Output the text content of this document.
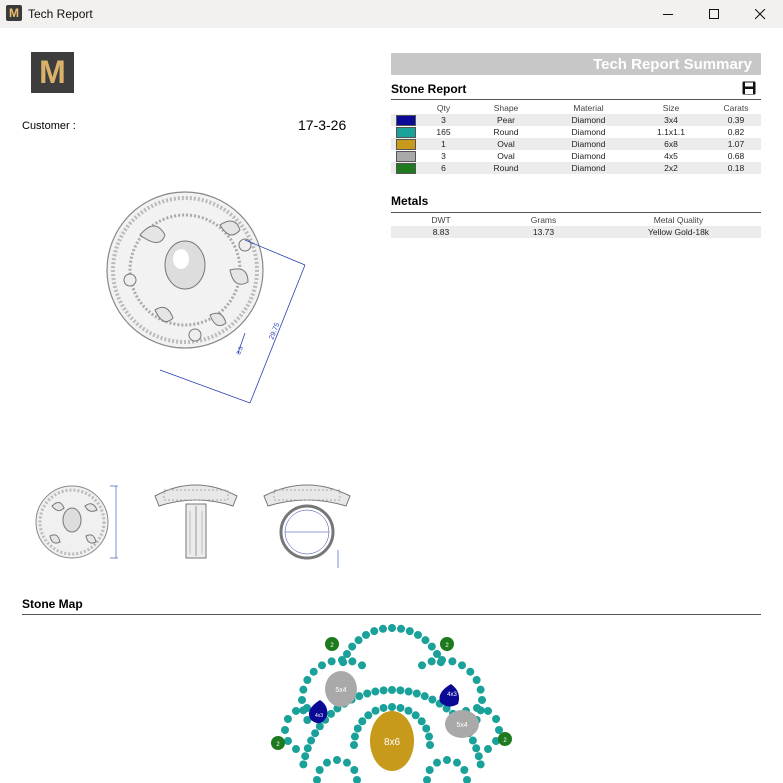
M Tech Report
M
Customer :	17-3-26
29.75
8.5
Tech Report Summary
Stone Report
	Qty	Shape	Material	Size	Carats
	3	Pear	Diamond	3x4	0.39
	165	Round	Diamond	1.1x1.1	0.82
	1	Oval	Diamond	6x8	1.07
	3	Oval	Diamond	4x5	0.68
	6	Round	Diamond	2x2	0.18
Metals
DWT	Grams	Metal Quality
8.83	13.73	Yellow Gold-18k
Stone Map
8x6
5x4
5x4
4x3
4x3
2	2
2
2
